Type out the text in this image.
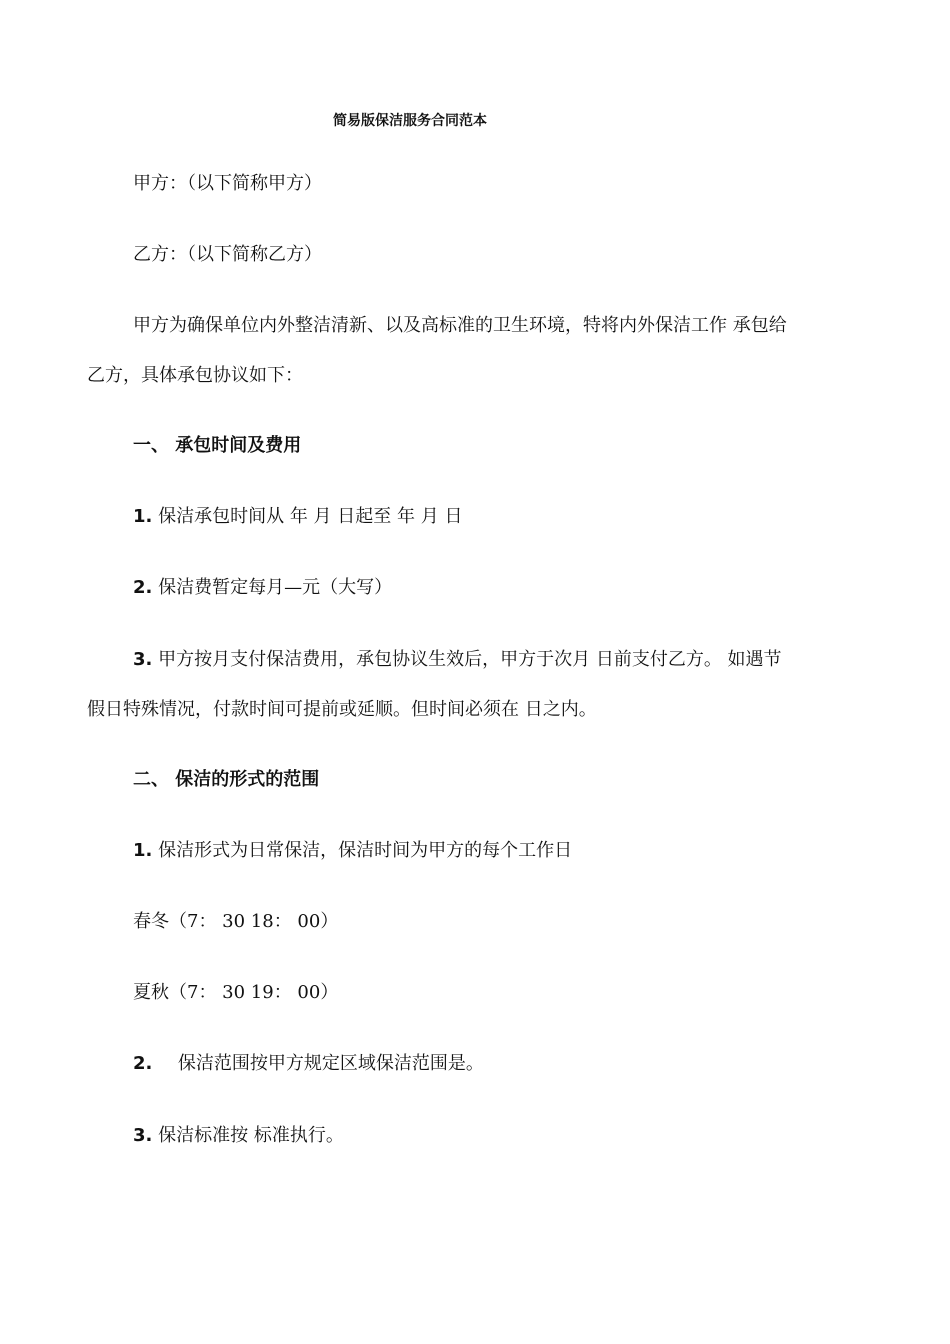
简易版保洁服务合同范本
甲方：（以下简称甲方）
乙方：（以下简称乙方）
甲方为确保单位内外整洁清新、以及高标准的卫生环境，特将内外保洁工作 承包给
乙方，具体承包协议如下：
一、 承包时间及费用
1. 保洁承包时间从 年 月 日起至 年 月 日
2. 保洁费暂定每月—元（大写）
3. 甲方按月支付保洁费用，承包协议生效后，甲方于次月 日前支付乙方。 如遇节
假日特殊情况，付款时间可提前或延顺。但时间必须在 日之内。
二、 保洁的形式的范围
1. 保洁形式为日常保洁，保洁时间为甲方的每个工作日
春冬（7： 30 18： 00）
夏秋（7： 30 19： 00）
2. 保洁范围按甲方规定区域保洁范围是。
3. 保洁标准按 标准执行。
